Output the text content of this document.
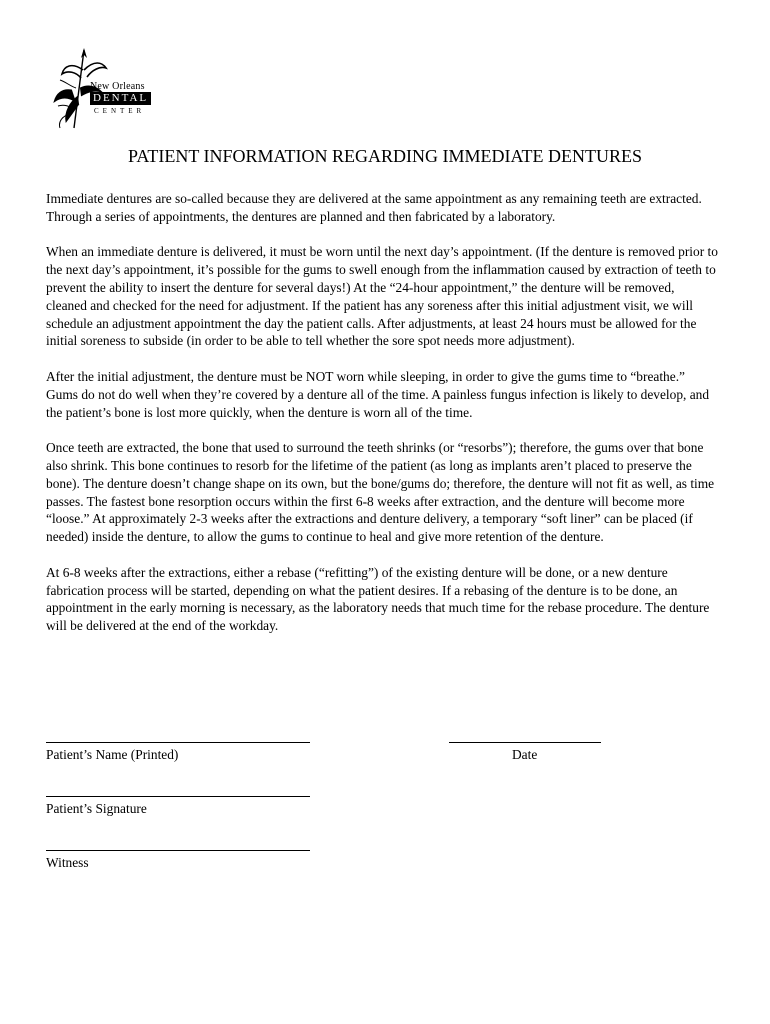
New Orleans
DENTAL
CENTER
PATIENT INFORMATION REGARDING IMMEDIATE DENTURES

Immediate dentures are so-called because they are delivered at the same appointment as any remaining teeth are extracted. Through a series of appointments, the dentures are planned and then fabricated by a laboratory.

When an immediate denture is delivered, it must be worn until the next day’s appointment. (If the denture is removed prior to the next day’s appointment, it’s possible for the gums to swell enough from the inflammation caused by extraction of teeth to prevent the ability to insert the denture for several days!) At the “24-hour appointment,” the denture will be removed, cleaned and checked for the need for adjustment. If the patient has any soreness after this initial adjustment visit, we will schedule an adjustment appointment the day the patient calls. After adjustments, at least 24 hours must be allowed for the initial soreness to subside (in order to be able to tell whether the sore spot needs more adjustment).

After the initial adjustment, the denture must be NOT worn while sleeping, in order to give the gums time to “breathe.” Gums do not do well when they’re covered by a denture all of the time. A painless fungus infection is likely to develop, and the patient’s bone is lost more quickly, when the denture is worn all of the time.

Once teeth are extracted, the bone that used to surround the teeth shrinks (or “resorbs”); therefore, the gums over that bone also shrink. This bone continues to resorb for the lifetime of the patient (as long as implants aren’t placed to preserve the bone). The denture doesn’t change shape on its own, but the bone/gums do; therefore, the denture will not fit as well, as time passes. The fastest bone resorption occurs within the first 6-8 weeks after extraction, and the denture will become more “loose.” At approximately 2-3 weeks after the extractions and denture delivery, a temporary “soft liner” can be placed (if needed) inside the denture, to allow the gums to continue to heal and give more retention of the denture.

At 6-8 weeks after the extractions, either a rebase (“refitting”) of the existing denture will be done, or a new denture fabrication process will be started, depending on what the patient desires. If a rebasing of the denture is to be done, an appointment in the early morning is necessary, as the laboratory needs that much time for the rebase procedure. The denture will be delivered at the end of the workday.

Patient’s Name (Printed)	Date
Patient’s Signature
Witness
